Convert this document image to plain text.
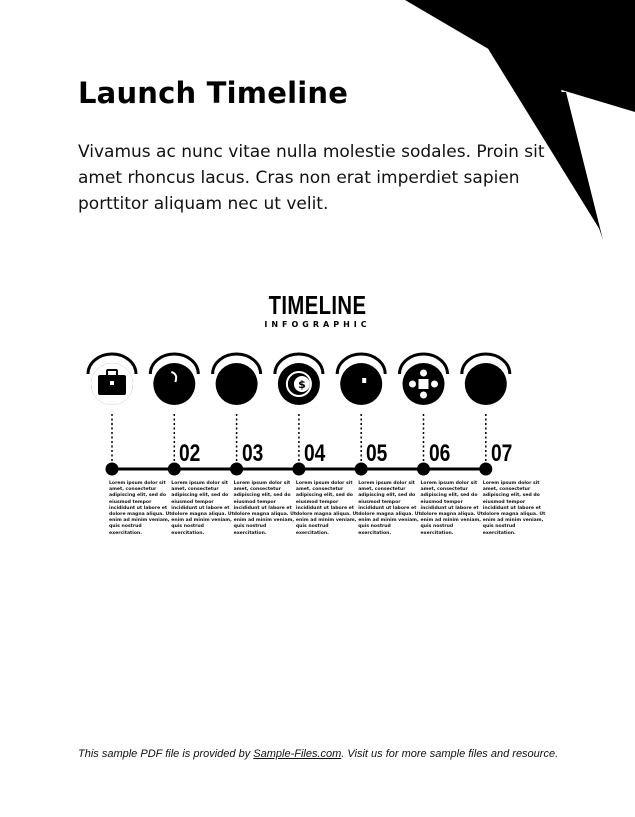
Launch Timeline

Vivamus ac nunc vitae nulla molestie sodales. Proin sit amet rhoncus lacus. Cras non erat imperdiet sapien porttitor aliquam nec ut velit.

TIMELINE
INFOGRAPHIC
$
Lorem ipsum dolor sit amet, consectetur adipiscing elit, sed do eiusmod tempor incididunt ut labore et dolore magna aliqua. Ut enim ad minim veniam, quis nostrud exercitation.
02
Lorem ipsum dolor sit amet, consectetur adipiscing elit, sed do eiusmod tempor incididunt ut labore et dolore magna aliqua. Ut enim ad minim veniam, quis nostrud exercitation.
03
Lorem ipsum dolor sit amet, consectetur adipiscing elit, sed do eiusmod tempor incididunt ut labore et dolore magna aliqua. Ut enim ad minim veniam, quis nostrud exercitation.
04
Lorem ipsum dolor sit amet, consectetur adipiscing elit, sed do eiusmod tempor incididunt ut labore et dolore magna aliqua. Ut enim ad minim veniam, quis nostrud exercitation.
05
Lorem ipsum dolor sit amet, consectetur adipiscing elit, sed do eiusmod tempor incididunt ut labore et dolore magna aliqua. Ut enim ad minim veniam, quis nostrud exercitation.
06
Lorem ipsum dolor sit amet, consectetur adipiscing elit, sed do eiusmod tempor incididunt ut labore et dolore magna aliqua. Ut enim ad minim veniam, quis nostrud exercitation.
07
Lorem ipsum dolor sit amet, consectetur adipiscing elit, sed do eiusmod tempor incididunt ut labore et dolore magna aliqua. Ut enim ad minim veniam, quis nostrud exercitation.
This sample PDF file is provided by Sample-Files.com. Visit us for more sample files and resource.
